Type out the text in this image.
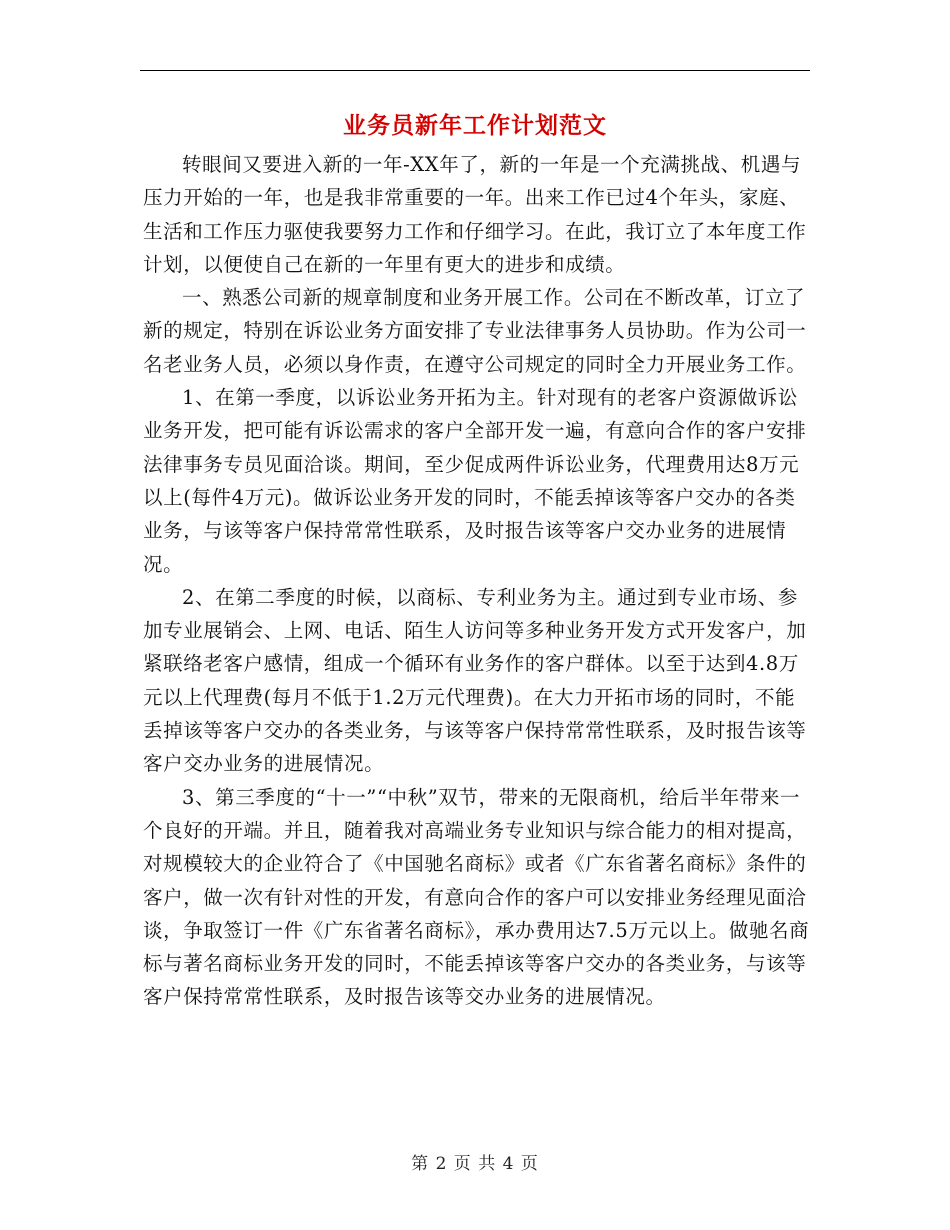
业务员新年工作计划范文

转眼间又要进入新的一年-XX年了，新的一年是一个充满挑战、机遇与压力开始的一年，也是我非常重要的一年。出来工作已过4个年头，家庭、生活和工作压力驱使我要努力工作和仔细学习。在此，我订立了本年度工作计划，以便使自己在新的一年里有更大的进步和成绩。

一、熟悉公司新的规章制度和业务开展工作。公司在不断改革，订立了新的规定，特别在诉讼业务方面安排了专业法律事务人员协助。作为公司一名老业务人员，必须以身作责，在遵守公司规定的同时全力开展业务工作。

1、在第一季度，以诉讼业务开拓为主。针对现有的老客户资源做诉讼业务开发，把可能有诉讼需求的客户全部开发一遍，有意向合作的客户安排法律事务专员见面洽谈。期间，至少促成两件诉讼业务，代理费用达8万元以上(每件4万元)。做诉讼业务开发的同时，不能丢掉该等客户交办的各类业务，与该等客户保持常常性联系，及时报告该等客户交办业务的进展情况。

2、在第二季度的时候，以商标、专利业务为主。通过到专业市场、参加专业展销会、上网、电话、陌生人访问等多种业务开发方式开发客户，加紧联络老客户感情，组成一个循环有业务作的客户群体。以至于达到4.8万元以上代理费(每月不低于1.2万元代理费)。在大力开拓市场的同时，不能丢掉该等客户交办的各类业务，与该等客户保持常常性联系，及时报告该等客户交办业务的进展情况。

3、第三季度的“十一”“中秋”双节，带来的无限商机，给后半年带来一个良好的开端。并且，随着我对高端业务专业知识与综合能力的相对提高，对规模较大的企业符合了《中国驰名商标》或者《广东省著名商标》条件的客户，做一次有针对性的开发，有意向合作的客户可以安排业务经理见面洽谈，争取签订一件《广东省著名商标》，承办费用达7.5万元以上。做驰名商标与著名商标业务开发的同时，不能丢掉该等客户交办的各类业务，与该等客户保持常常性联系，及时报告该等交办业务的进展情况。

第 2 页 共 4 页
